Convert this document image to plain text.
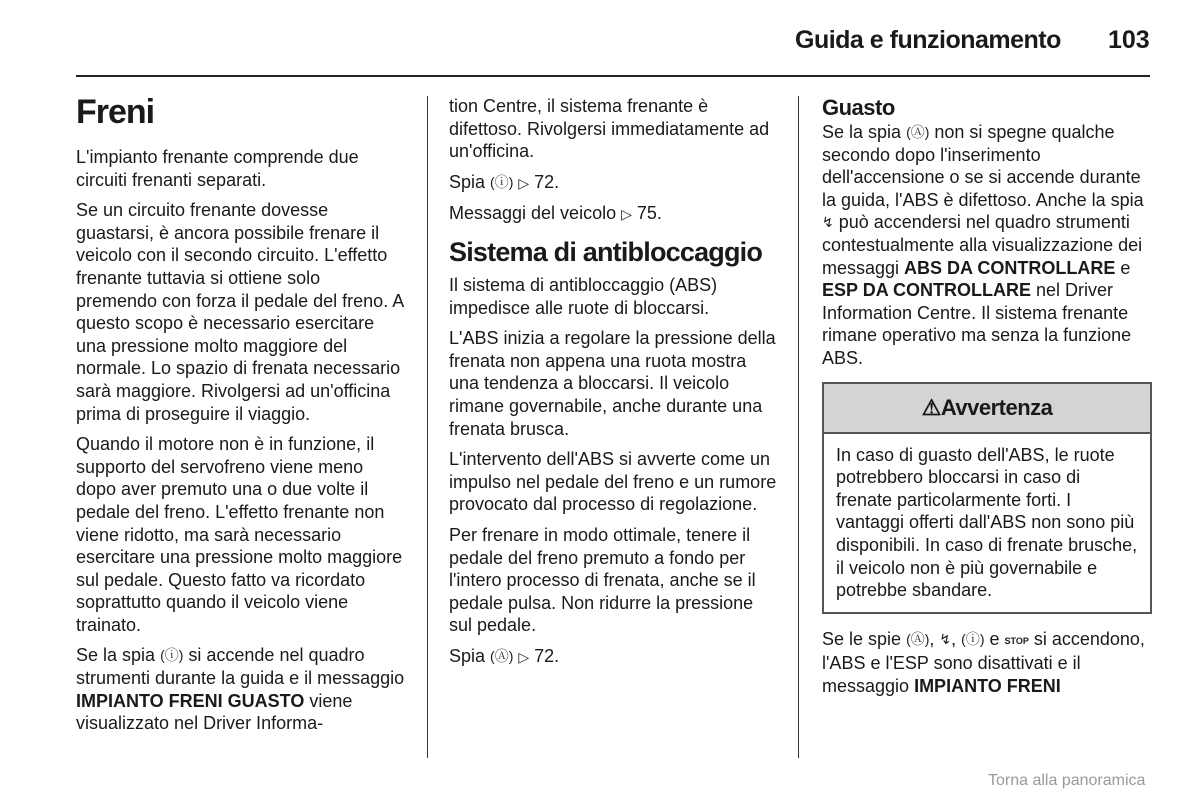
Guida e funzionamento 103
Freni

L'impianto frenante comprende due circuiti frenanti separati.

Se un circuito frenante dovesse guastarsi, è ancora possibile frenare il veicolo con il secondo circuito. L'effetto frenante tuttavia si ottiene solo premendo con forza il pedale del freno. A questo scopo è necessario esercitare una pressione molto maggiore del normale. Lo spazio di frenata necessario sarà maggiore. Rivolgersi ad un'officina prima di proseguire il viaggio.

Quando il motore non è in funzione, il supporto del servofreno viene meno dopo aver premuto una o due volte il pedale del freno. L'effetto frenante non viene ridotto, ma sarà necessario esercitare una pressione molto maggiore sul pedale. Questo fatto va ricordato soprattutto quando il veicolo viene trainato.

Se la spia (ⓘ) si accende nel quadro strumenti durante la guida e il messaggio IMPIANTO FRENI GUASTO viene visualizzato nel Driver Informa-

tion Centre, il sistema frenante è difettoso. Rivolgersi immediatamente ad un'officina.

Spia (ⓘ) ▷ 72.

Messaggi del veicolo ▷ 75.

Sistema di antibloccaggio

Il sistema di antibloccaggio (ABS) impedisce alle ruote di bloccarsi.

L'ABS inizia a regolare la pressione della frenata non appena una ruota mostra una tendenza a bloccarsi. Il veicolo rimane governabile, anche durante una frenata brusca.

L'intervento dell'ABS si avverte come un impulso nel pedale del freno e un rumore provocato dal processo di regolazione.

Per frenare in modo ottimale, tenere il pedale del freno premuto a fondo per l'intero processo di frenata, anche se il pedale pulsa. Non ridurre la pressione sul pedale.

Spia (Ⓐ) ▷ 72.

Guasto

Se la spia (Ⓐ) non si spegne qualche secondo dopo l'inserimento dell'accensione o se si accende durante la guida, l'ABS è difettoso. Anche la spia ↯ può accendersi nel quadro strumenti contestualmente alla visualizzazione dei messaggi ABS DA CONTROLLARE e ESP DA CONTROLLARE nel Driver Information Centre. Il sistema frenante rimane operativo ma senza la funzione ABS.

⚠Avvertenza
In caso di guasto dell'ABS, le ruote potrebbero bloccarsi in caso di frenate particolarmente forti. I vantaggi offerti dall'ABS non sono più disponibili. In caso di frenate brusche, il veicolo non è più governabile e potrebbe sbandare.

Se le spie (Ⓐ), ↯, (ⓘ) e STOP si accendono, l'ABS e l'ESP sono disattivati e il messaggio IMPIANTO FRENI

Torna alla panoramica
